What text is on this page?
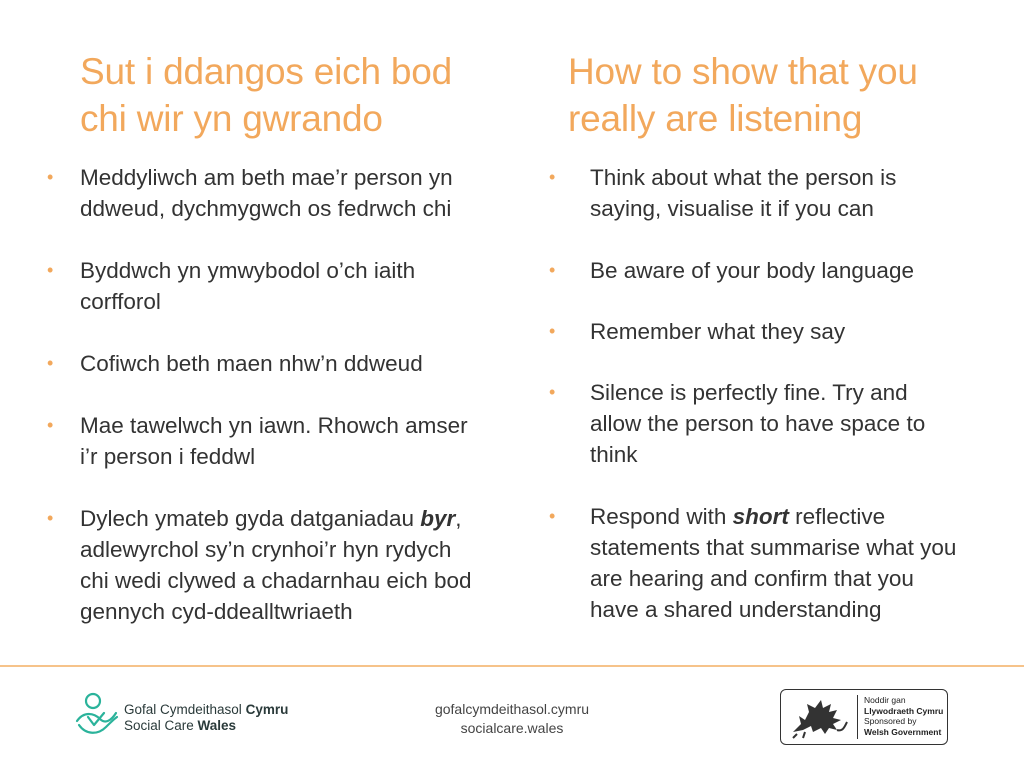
Sut i ddangos eich bod
chi wir yn gwrando
• Meddyliwch am beth mae’r person yn
ddweud, dychmygwch os fedrwch chi
• Byddwch yn ymwybodol o’ch iaith
corfforol
• Cofiwch beth maen nhw’n ddweud
• Mae tawelwch yn iawn. Rhowch amser
i’r person i feddwl
• Dylech ymateb gyda datganiadau byr,
adlewyrchol sy’n crynhoi’r hyn rydych
chi wedi clywed a chadarnhau eich bod
gennych cyd-ddealltwriaeth
How to show that you
really are listening
• Think about what the person is
saying, visualise it if you can
• Be aware of your body language
• Remember what they say
• Silence is perfectly fine. Try and
allow the person to have space to
think
• Respond with short reflective
statements that summarise what you
are hearing and confirm that you
have a shared understanding
Gofal Cymdeithasol Cymru
Social Care Wales
gofalcymdeithasol.cymru
socialcare.wales
Noddir gan
Llywodraeth Cymru
Sponsored by
Welsh Government
